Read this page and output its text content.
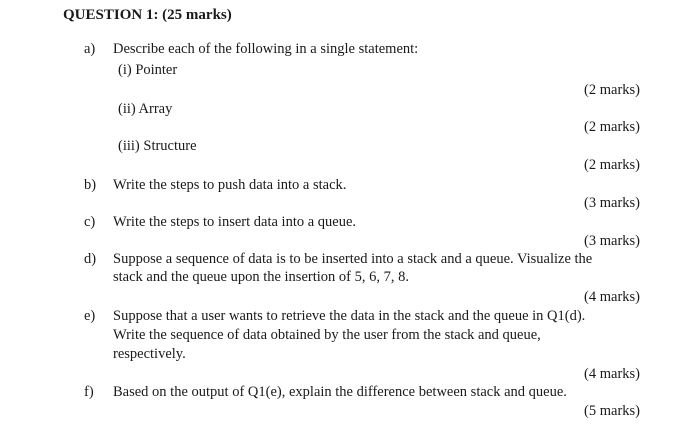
QUESTION 1: (25 marks)
a)	Describe each of the following in a single statement:
(i) Pointer
(2 marks)
(ii) Array
(2 marks)
(iii) Structure
(2 marks)
b)	Write the steps to push data into a stack.
(3 marks)
c)	Write the steps to insert data into a queue.
(3 marks)
d)	Suppose a sequence of data is to be inserted into a stack and a queue. Visualize the
stack and the queue upon the insertion of 5, 6, 7, 8.
(4 marks)
e)	Suppose that a user wants to retrieve the data in the stack and the queue in Q1(d).
Write the sequence of data obtained by the user from the stack and queue,
respectively.
(4 marks)
f)	Based on the output of Q1(e), explain the difference between stack and queue.
(5 marks)
